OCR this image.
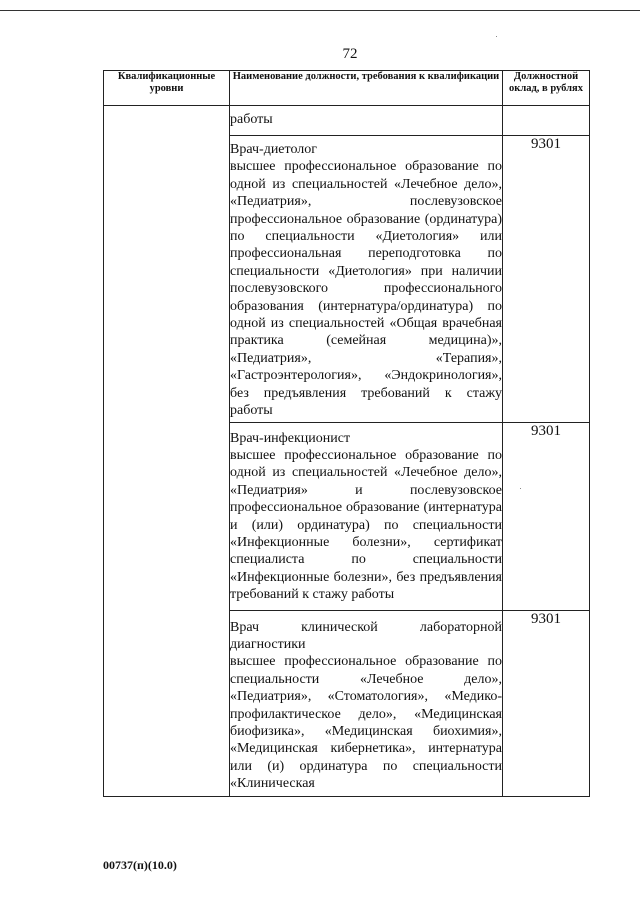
72
Квалификационные уровни	Наименование должности, требования к квалификации	Должностной оклад, в рублях
	работы	

	Врач-диетолог
высшее профессиональное образование по одной из специальностей «Лечебное дело», «Педиатрия», послевузовское профессиональное образование (ординатура) по специальности «Диетология» или профессиональная переподготовка по специальности «Диетология» при наличии послевузовского профессионального образования (интернатура/ординатура) по одной из специальностей «Общая врачебная практика (семейная медицина)», «Педиатрия», «Терапия», «Гастроэнтерология», «Эндокринология», без предъявления требований к стажу работы	9301

	Врач-инфекционист
высшее профессиональное образование по одной из специальностей «Лечебное дело», «Педиатрия» и послевузовское профессиональное образование (интернатура и (или) ординатура) по специальности «Инфекционные болезни», сертификат специалиста по специальности «Инфекционные болезни», без предъявления требований к стажу работы	9301

	Врач клинической лабораторной диагностики
высшее профессиональное образование по специальности «Лечебное дело», «Педиатрия», «Стоматология», «Медико-профилактическое дело», «Медицинская биофизика», «Медицинская биохимия», «Медицинская кибернетика», интернатура или (и) ординатура по специальности «Клиническая	9301
00737(п)(10.0)
